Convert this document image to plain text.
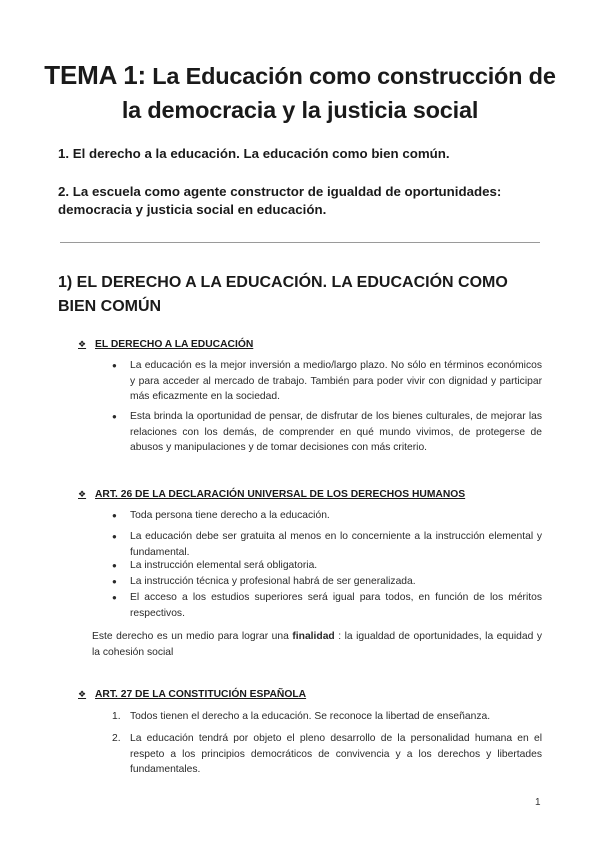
TEMA 1: La Educación como construcción de la democracia y la justicia social

1. El derecho a la educación. La educación como bien común.

2. La escuela como agente constructor de igualdad de oportunidades: democracia y justicia social en educación.

1) EL DERECHO A LA EDUCACIÓN. LA EDUCACIÓN COMO BIEN COMÚN
❖ EL DERECHO A LA EDUCACIÓN
●	La educación es la mejor inversión a medio/largo plazo. No sólo en términos económicos y para acceder al mercado de trabajo. También para poder vivir con dignidad y participar más eficazmente en la sociedad.
●	Esta brinda la oportunidad de pensar, de disfrutar de los bienes culturales, de mejorar las relaciones con los demás, de comprender en qué mundo vivimos, de protegerse de abusos y manipulaciones y de tomar decisiones con más criterio.
❖ ART. 26 DE LA DECLARACIÓN UNIVERSAL DE LOS DERECHOS HUMANOS
●	Toda persona tiene derecho a la educación.
●	La educación debe ser gratuita al menos en lo concerniente a la instrucción elemental y fundamental.
●	La instrucción elemental será obligatoria.
●	La instrucción técnica y profesional habrá de ser generalizada.
●	El acceso a los estudios superiores será igual para todos, en función de los méritos respectivos.

Este derecho es un medio para lograr una finalidad : la igualdad de oportunidades, la equidad y la cohesión social

❖ ART. 27 DE LA CONSTITUCIÓN ESPAÑOLA
1. Todos tienen el derecho a la educación. Se reconoce la libertad de enseñanza.
2. La educación tendrá por objeto el pleno desarrollo de la personalidad humana en el respeto a los principios democráticos de convivencia y a los derechos y libertades fundamentales.
1
